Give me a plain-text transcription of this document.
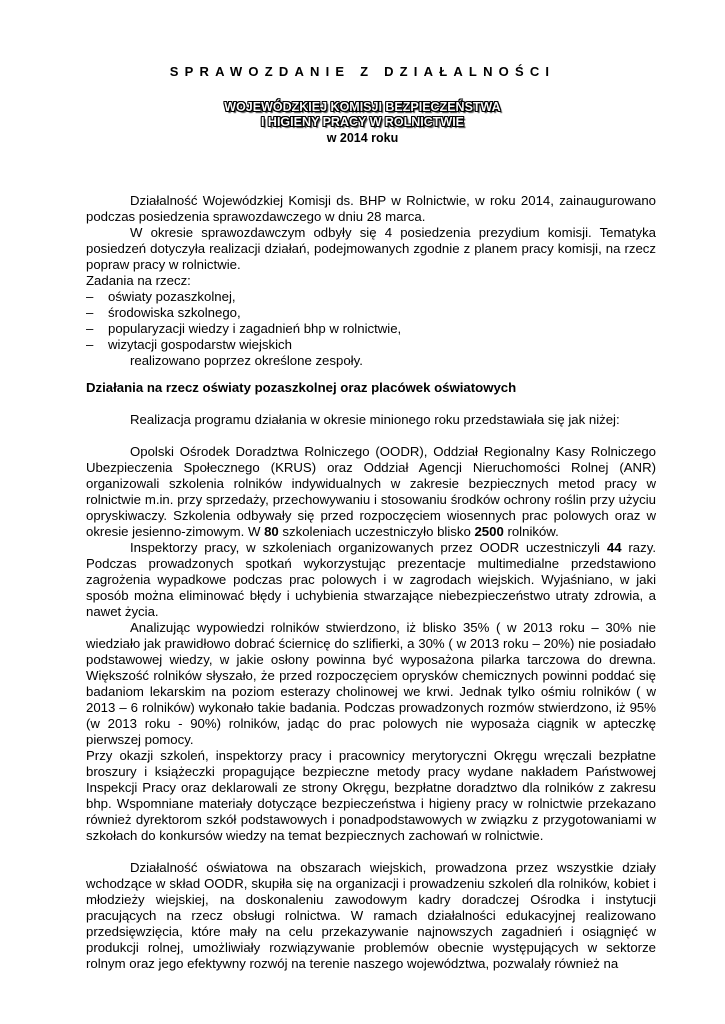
SPRAWOZDANIE Z DZIAŁALNOŚCI
WOJEWÓDZKIEJ KOMISJI BEZPIECZEŃSTWA
I HIGIENY PRACY W ROLNICTWIE
w 2014 roku

Działalność Wojewódzkiej Komisji ds. BHP w Rolnictwie, w roku 2014, zainaugurowano podczas posiedzenia sprawozdawczego w dniu 28 marca.

W okresie sprawozdawczym odbyły się 4 posiedzenia prezydium komisji. Tematyka posiedzeń dotyczyła realizacji działań, podejmowanych zgodnie z planem pracy komisji, na rzecz popraw pracy w rolnictwie.

Zadania na rzecz:

– oświaty pozaszkolnej,
– środowiska szkolnego,
– popularyzacji wiedzy i zagadnień bhp w rolnictwie,
– wizytacji gospodarstw wiejskich

realizowano poprzez określone zespoły.

Działania na rzecz oświaty pozaszkolnej oraz placówek oświatowych

Realizacja programu działania w okresie minionego roku przedstawiała się jak niżej:

Opolski Ośrodek Doradztwa Rolniczego (OODR), Oddział Regionalny Kasy Rolniczego Ubezpieczenia Społecznego (KRUS) oraz Oddział Agencji Nieruchomości Rolnej (ANR) organizowali szkolenia rolników indywidualnych w zakresie bezpiecznych metod pracy w rolnictwie m.in. przy sprzedaży, przechowywaniu i stosowaniu środków ochrony roślin przy użyciu opryskiwaczy. Szkolenia odbywały się przed rozpoczęciem wiosennych prac polowych oraz w okresie jesienno-zimowym. W 80 szkoleniach uczestniczyło blisko 2500 rolników.

Inspektorzy pracy, w szkoleniach organizowanych przez OODR uczestniczyli 44 razy. Podczas prowadzonych spotkań wykorzystując prezentacje multimedialne przedstawiono zagrożenia wypadkowe podczas prac polowych i w zagrodach wiejskich. Wyjaśniano, w jaki sposób można eliminować błędy i uchybienia stwarzające niebezpieczeństwo utraty zdrowia, a nawet życia.

Analizując wypowiedzi rolników stwierdzono, iż blisko 35% ( w 2013 roku – 30% nie wiedziało jak prawidłowo dobrać ściernicę do szlifierki, a 30% ( w 2013 roku – 20%) nie posiadało podstawowej wiedzy, w jakie osłony powinna być wyposażona pilarka tarczowa do drewna. Większość rolników słyszało, że przed rozpoczęciem oprysków chemicznych powinni poddać się badaniom lekarskim na poziom esterazy cholinowej we krwi. Jednak tylko ośmiu rolników ( w 2013 – 6 rolników) wykonało takie badania. Podczas prowadzonych rozmów stwierdzono, iż 95% (w 2013 roku - 90%) rolników, jadąc do prac polowych nie wyposaża ciągnik w apteczkę pierwszej pomocy.

Przy okazji szkoleń, inspektorzy pracy i pracownicy merytoryczni Okręgu wręczali bezpłatne broszury i książeczki propagujące bezpieczne metody pracy wydane nakładem Państwowej Inspekcji Pracy oraz deklarowali ze strony Okręgu, bezpłatne doradztwo dla rolników z zakresu bhp. Wspomniane materiały dotyczące bezpieczeństwa i higieny pracy w rolnictwie przekazano również dyrektorom szkół podstawowych i ponadpodstawowych w związku z przygotowaniami w szkołach do konkursów wiedzy na temat bezpiecznych zachowań w rolnictwie.

Działalność oświatowa na obszarach wiejskich, prowadzona przez wszystkie działy wchodzące w skład OODR, skupiła się na organizacji i prowadzeniu szkoleń dla rolników, kobiet i młodzieży wiejskiej, na doskonaleniu zawodowym kadry doradczej Ośrodka i instytucji pracujących na rzecz obsługi rolnictwa. W ramach działalności edukacyjnej realizowano przedsięwzięcia, które mały na celu przekazywanie najnowszych zagadnień i osiągnięć w produkcji rolnej, umożliwiały rozwiązywanie problemów obecnie występujących w sektorze rolnym oraz jego efektywny rozwój na terenie naszego województwa, pozwalały również na
